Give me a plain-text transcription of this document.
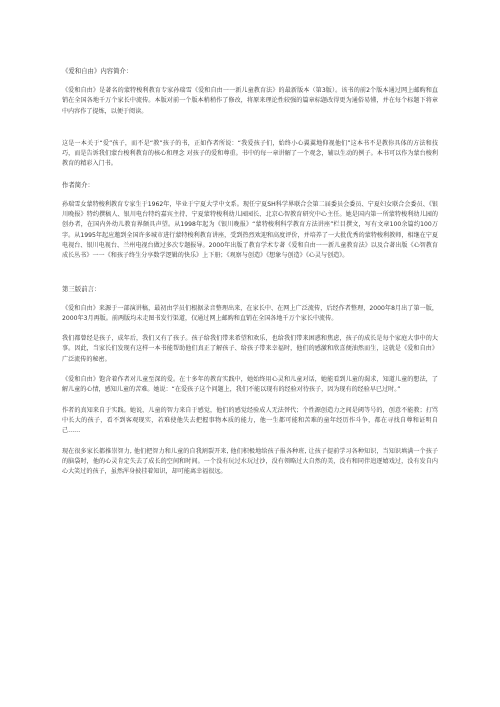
《爱和自由》内容简介：

《爱和自由》是著名的蒙特梭利教育专家孙瑞雪《爱和自由一一新儿童教育法》的最新版本（第3版）。该书的前2个版本通过网上邮购和直销在全国各地千万个家长中流传。本版对前一个版本稍稍作了修改，将原来理论性较强的篇章标题改得更为通俗易懂，并在每个标题下将章中内容作了提炼，以便于阅读。

这是一本关于“爱”孩子，而不是“教”孩子的书，正如作者所说：“我爱孩子们，始终小心翼翼地仰视他们”这本书不是教你具体的方法和技巧，而是告诉我们蒙台梭利教育的核心和理念 对孩子的爱和尊重。书中的每一章讲解了一个观念，辅以生动的例子。本书可以作为蒙台梭利教育的精彩入门书。

作者简介：

孙瑞雪女蒙特梭利教育专家生于1962年，毕业于宁夏大学中文系。现任宁夏SH科学界联合会第二届委员会委员、宁夏妇女联合会委员、《银川晚报》特约撰稿人、银川电台特约嘉宾主持、宁夏蒙特梭利幼儿园园长、北京心智教育研究中心主任。她是国内第一所蒙特梭利幼儿园的创办者，在国内外幼儿教育界颇具声望。从1998年起为《银川晚报》“蒙特梭利科学教育方法讲座”栏目撰文，写有文章100余篇约100万字。从1995年起应邀到全国许多城市进行蒙特梭利教育讲座，受到热烈欢迎和高度评价，并培养了一大批优秀的蒙特梭利教师，相继在宁夏电视台、银川电视台、兰州电视台做过多次专题报导。2000年出版了教育学术专著《爱和自由一一新儿童教育法》以及合著出版《心智教育成长丛书》一一《和孩子终生分享数学逻辑的快乐》上下册；《观察与创造》《想象与创造》《心灵与创造》。

第三版前言：

《爱和自由》来源于一部演讲稿，最初由学员们根据录音整理出来，在家长中、在网上广泛流传，后经作者整理，2000年8月出了第一版，2000年3月再版。前两版均未走图书发行渠道，仅通过网上邮购和直销在全国各地千万个家长中流传。

我们都曾经是孩子，成年后，我们又有了孩子。孩子给我们带来希望和欢乐，也给我们带来困惑和焦虑，孩子的成长是每个家庭大事中的大事。因此，当家长们发现有这样一本书能帮助他们真正了解孩子、给孩子带来幸福时，他们的感激和欣喜便油然而生，这就是《爱和自由》广泛流传的秘密。

《爱和自由》饱含着作者对儿童至深的爱。在十多年的教育实践中，她始终用心灵和儿童对话，她能看到儿童的渴求，知道儿童的想法，了解儿童的心情，感知儿童的苦难。她说：“在爱孩子这个问题上，我们不能以现有的经验对待孩子，因为现有的经验早已过时。”

作者的真知来自于实践。她说，儿童的智力来自于感觉，他们的感觉经验成人无法替代；个性源创造力之间是阈等号的，创意不能教；打骂中长大的孩子，看不到客观现实，若难使他失去把握事物本质的能力，他一生都可能和苦难的童年经历作斗争，都在寻找自尊和证明自己……

现在很多家长都推崇智力, 他们把智力和儿童的自我割裂开来, 他们积极地给孩子报各种班, 让孩子提前学习各种知识，当知识填满一个孩子的脑袋时，他的心灵肯定失去了成长的空间和时间。一个没有玩过水玩过沙，没有领略过大自然的美，没有和同伴追逐嬉戏过，没有发自内心大笑过的孩子，虽然浑身披挂着知识，却可能离幸福很远。
